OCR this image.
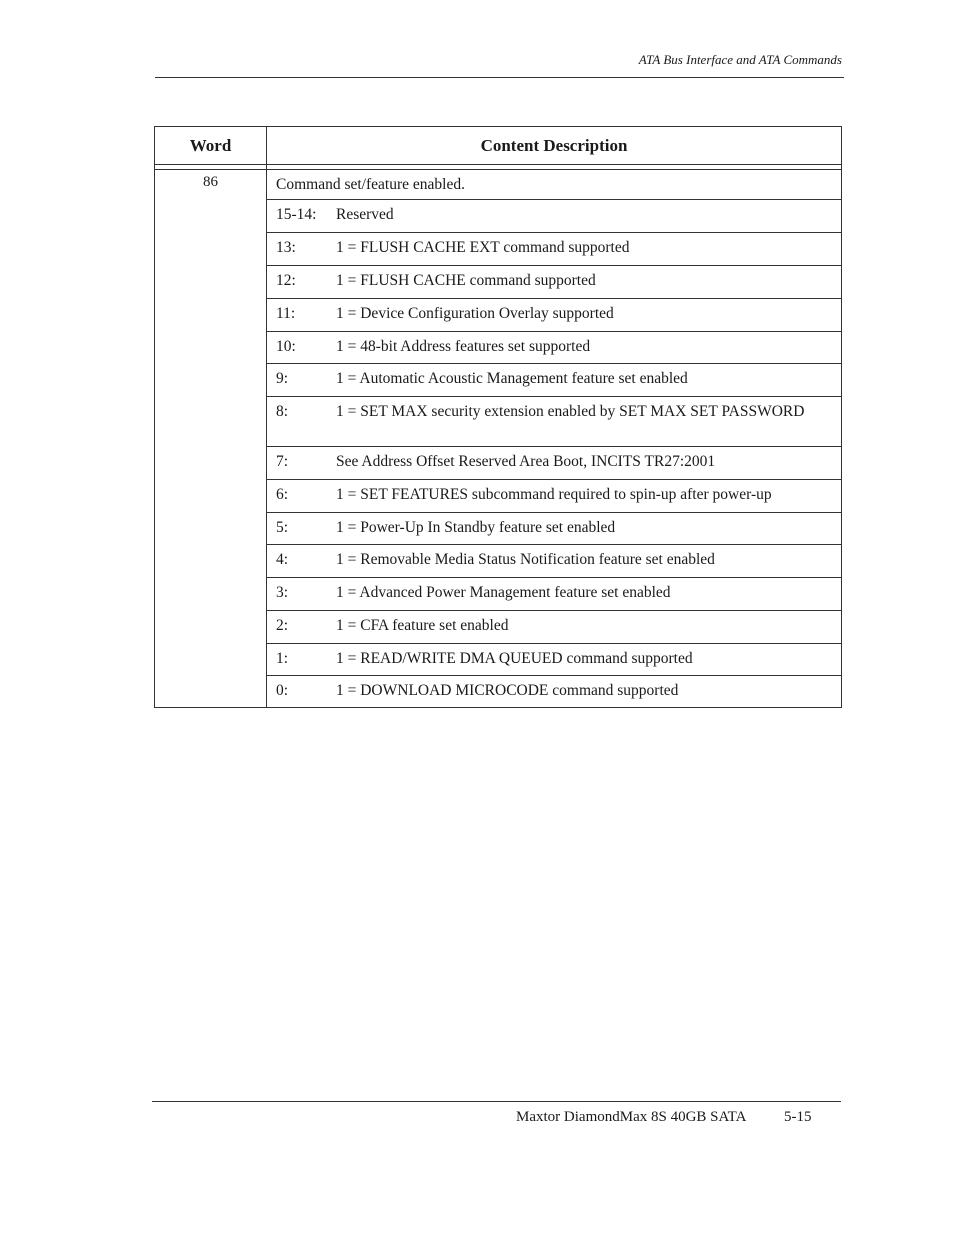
ATA Bus Interface and ATA Commands
Word	Content Description
86	Command set/feature enabled.
15-14: Reserved
13:	1 = FLUSH CACHE EXT command supported
12:	1 = FLUSH CACHE command supported
11:	1 = Device Configuration Overlay supported
10:	1 = 48-bit Address features set supported
9:	1 = Automatic Acoustic Management feature set enabled
8:	1 = SET MAX security extension enabled by SET MAX SET PASSWORD
7:	See Address Offset Reserved Area Boot, INCITS TR27:2001
6:	1 = SET FEATURES subcommand required to spin-up after power-up
5:	1 = Power-Up In Standby feature set enabled
4:	1 = Removable Media Status Notification feature set enabled
3:	1 = Advanced Power Management feature set enabled
2:	1 = CFA feature set enabled
1:	1 = READ/WRITE DMA QUEUED command supported
0:	1 = DOWNLOAD MICROCODE command supported
Maxtor DiamondMax 8S 40GB SATA	5-15
